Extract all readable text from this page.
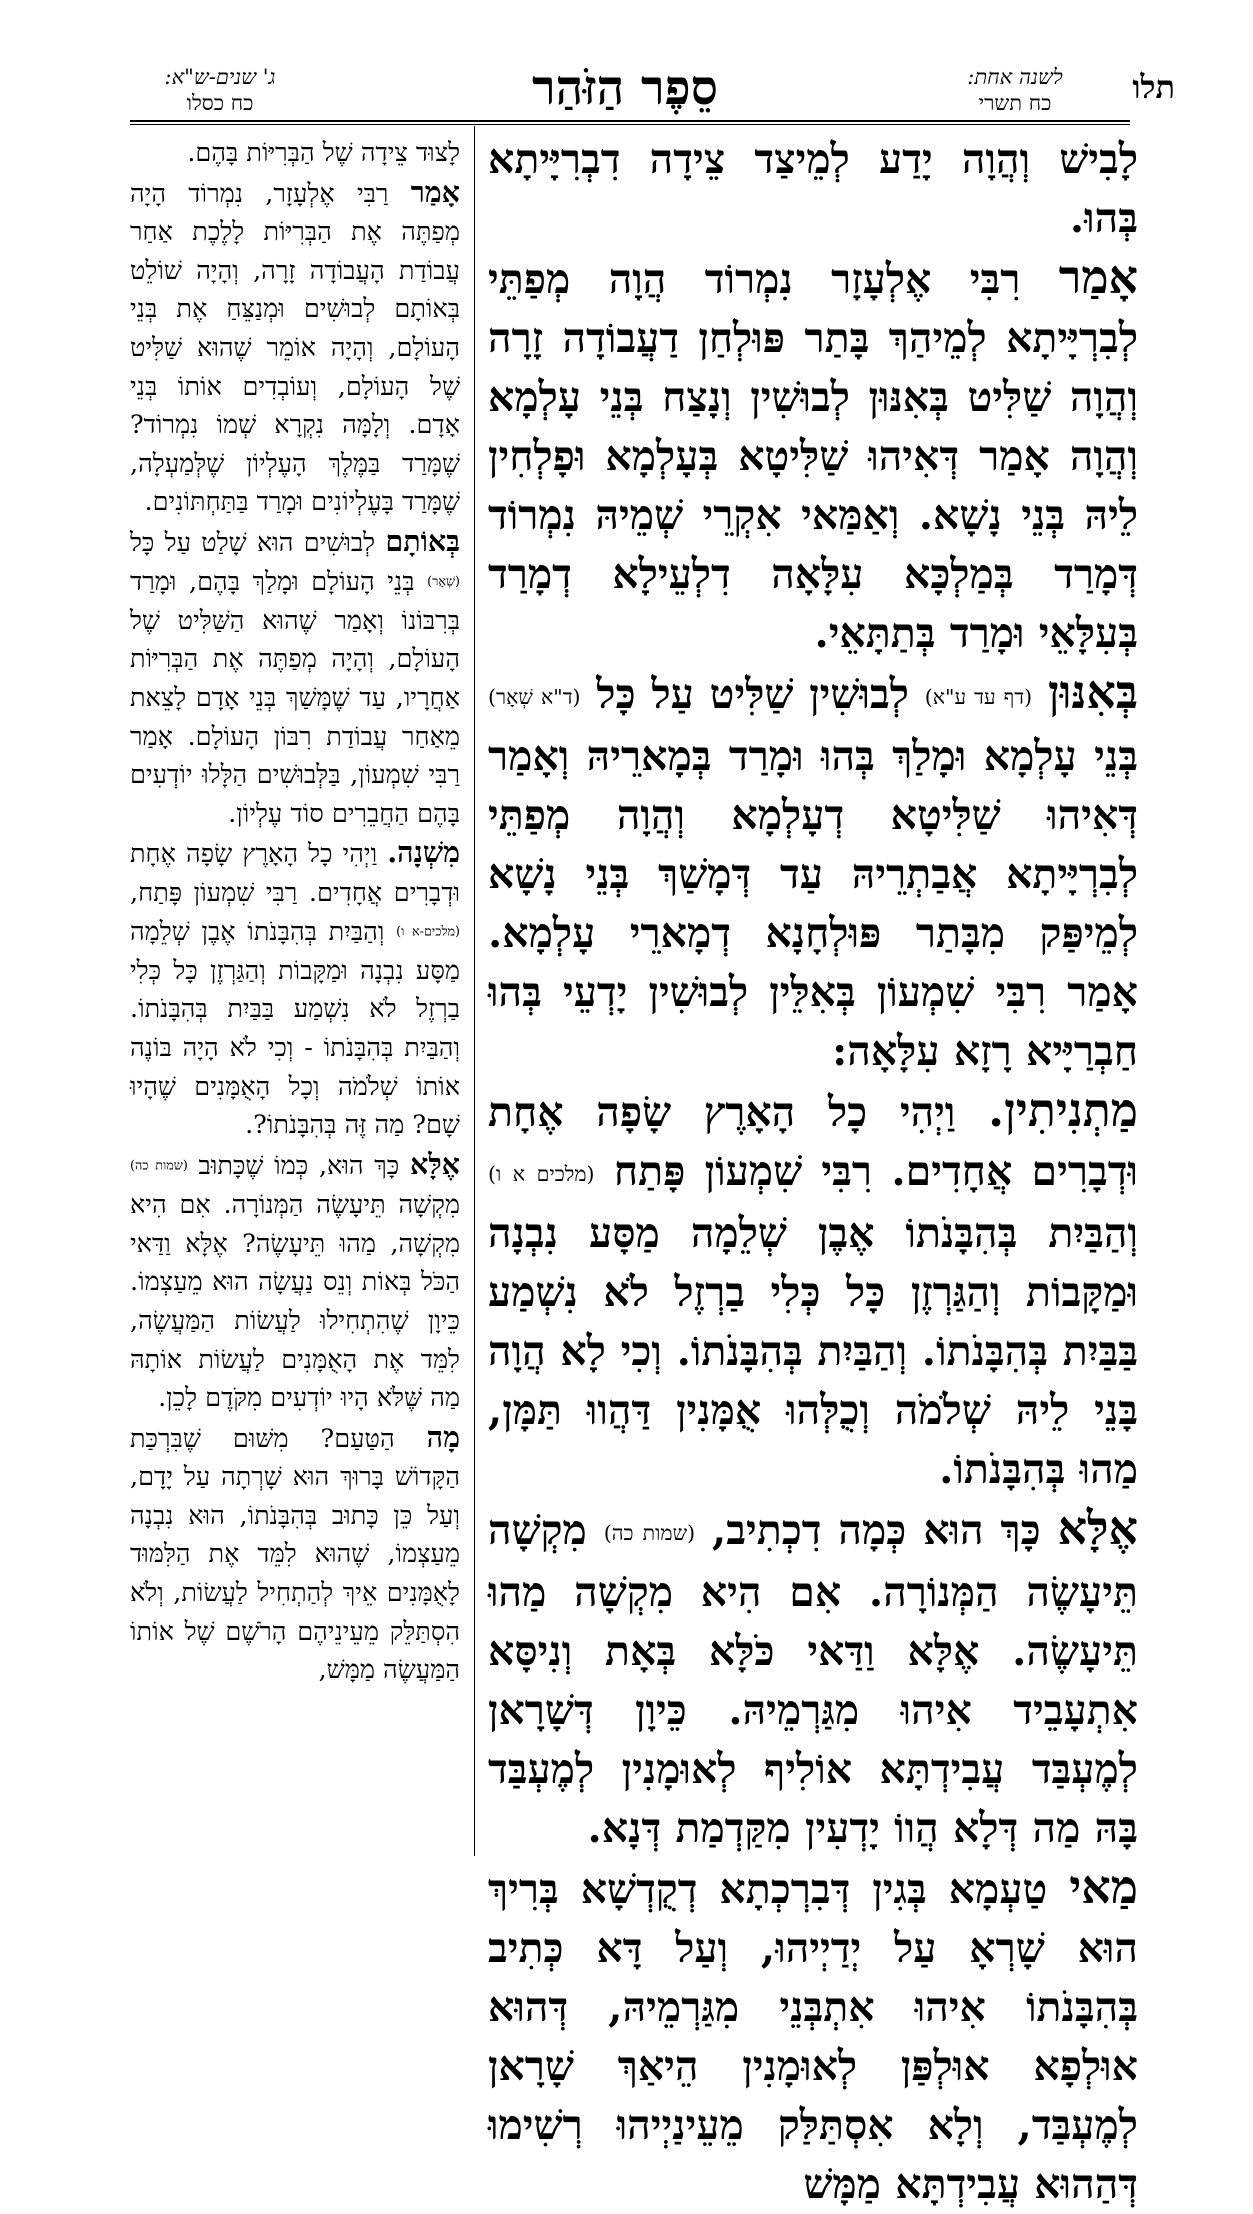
תלו
לשנה אחת:
כח תשרי
סֵפֶר הַזֹּהַר
ג' שנים-ש"א:
כח כסלו

לָבִישׁ וְהֲוָה יָדַע לְמֵיצַד צֵידָה דִבְרִיָּיתָא בְּהוּ.

אָמַר רִבִּי אֶלְעָזָר נִמְרוֹד הֲוָה מְפַתֵּי לְבִרְיָּיתָא לְמֵיהַךְ בָּתַר פּוּלְחַן דַעֲבוֹדָה זָרָה וְהֲוָה שַׁלִּיט בְּאִנּוּן לְבוּשִׁין וְנָצַח בְּנֵי עָלְמָא וְהֲוָה אָמַר דְּאִיהוּ שַׁלִּיטָא בְּעָלְמָא וּפָלְחִין לֵיהּ בְּנֵי נָשָׁא. וְאַמַּאי אִקְרֵי שְׁמֵיהּ נִמְרוֹד דְּמָרַד בְּמַלְכָּא עִלָּאָה דִלְעֵילָא דְמָרַד בְּעִלָּאֵי וּמָרַד בְּתַתָּאֵי.

בְּאִנּוּן (דף עד ע"א) לְבוּשִׁין שַׁלִּיט עַל כָּל (ד"א שְׁאָר) בְּנֵי עָלְמָא וּמָלַךְ בְּהוּ וּמָרַד בְּמָארֵיהּ וְאָמַר דְּאִיהוּ שַׁלִּיטָא דְעָלְמָא וְהֲוָה מְפַתֵּי לְבִרְיָּיתָא אֲבַתְרֵיהּ עַד דְּמָשַׁךְ בְּנֵי נָשָׁא לְמֵיפַּק מִבָּתַר פּוּלְחָנָא דְמָארֵי עָלְמָא. אָמַר רִבִּי שִׁמְעוֹן בְּאִלֵּין לְבוּשִׁין יָדְעֵי בְּהוּ חַבְרַיָּיא רָזָא עִלָּאָה:

מַתְנִיתִין. וַיְהִי כָל הָאָרֶץ שָׂפָה אֶחָת וּדְבָרִים אֲחָדִים. רִבִּי שִׁמְעוֹן פָּתַח (מלכים א ו) וְהַבַּיִת בְּהִבָּנֹתוֹ אֶבֶן שְׁלֵמָה מַסָּע נִבְנָה וּמַקָּבוֹת וְהַגַּרְזֶן כָּל כְּלִי בַרְזֶל לֹא נִשְׁמַע בַּבַּיִת בְּהִבָּנֹתוֹ. וְהַבַּיִת בְּהִבָּנֹתוֹ. וְכִי לָא הֲוָה בָּנֵי לֵיהּ שְׁלֹמֹה וְכֻלְּהוּ אֻמָּנִין דַּהֲווּ תַּמָּן, מַהוּ בְּהִבָּנֹתוֹ.

אֶלָּא כָּךְ הוּא כְּמָה דִכְתִיב, (שמות כה) מִקְשָׁה תֵּיעָשֶׂה הַמְּנוֹרָה. אִם הִיא מִקְשָׁה מַהוּ תֵּיעָשֶׂה. אֶלָּא וַדַּאי כֹּלָּא בְּאָת וְנִיסָּא אִתְעָבֵיד אִיהוּ מִגַּרְמֵיהּ. כֵּיוָן דְּשָׁרָאן לְמֶעְבַּד עֲבִידְתָּא אוֹלִיף לְאוּמָנִין לְמֶעְבַּד בָּהּ מַה דְּלָא הֲווֹ יָדְעִין מִקַּדְמַת דְּנָא.

מַאי טַעְמָא בְּגִין דְּבִרְכְתָא דְקֻדְשָׁא בְּרִיךְ הוּא שָׁרְאָ עַל יְדַיְיהוּ, וְעַל דָּא כְּתִיב בְּהִבָּנֹתוֹ אִיהוּ אִתְבְּנֵי מִגַּרְמֵיהּ, דְּהוּא אוּלְפָא אוּלְפַּן לְאוּמָנִין הֵיאַךְ שָׁרָאן לְמֶעְבַּד, וְלָא אִסְתַּלַּק מֵעֵינַיְיהוּ רְשִׁימוּ דְּהַהוּא עֲבִידְתָּא מַמָּשׁ

לָצוּד צֵידָה שֶׁל הַבְּרִיּוֹת בָּהֶם.

אָמַר רַבִּי אֶלְעָזָר, נִמְרוֹד הָיָה מְפַתֶּה אֶת הַבְּרִיּוֹת לָלֶכֶת אַחַר עֲבוֹדַת הָעֲבוֹדָה זָרָה, וְהָיָה שׁוֹלֵט בְּאוֹתָם לְבוּשִׁים וּמְנַצֵּחַ אֶת בְּנֵי הָעוֹלָם, וְהָיָה אוֹמֵר שֶׁהוּא שַׁלִּיט שֶׁל הָעוֹלָם, וְעוֹבְדִים אוֹתוֹ בְּנֵי אָדָם. וְלָמָּה נִקְרָא שְׁמוֹ נִמְרוֹד? שֶׁמָּרַד בַּמֶּלֶךְ הָעֶלְיוֹן שֶׁלְּמַעְלָה, שֶׁמָּרַד בָּעֶלְיוֹנִים וּמָרַד בַּתַּחְתּוֹנִים.

בְּאוֹתָם לְבוּשִׁים הוּא שָׁלַט עַל כָּל (שְׁאָר) בְּנֵי הָעוֹלָם וּמָלַךְ בָּהֶם, וּמָרַד בְּרִבּוֹנוֹ וְאָמַר שֶׁהוּא הַשַּׁלִּיט שֶׁל הָעוֹלָם, וְהָיָה מְפַתֶּה אֶת הַבְּרִיּוֹת אַחֲרָיו, עַד שֶׁמָּשַׁךְ בְּנֵי אָדָם לָצֵאת מֵאַחַר עֲבוֹדַת רִבּוֹן הָעוֹלָם. אָמַר רַבִּי שִׁמְעוֹן, בַּלְּבוּשִׁים הַלָּלוּ יוֹדְעִים בָּהֶם הַחֲבֵרִים סוֹד עֶלְיוֹן.

מִשְׁנָה. וַיְהִי כָל הָאָרֶץ שָׂפָה אֶחָת וּדְבָרִים אֲחָדִים. רַבִּי שִׁמְעוֹן פָּתַח, (מלכים-א ו) וְהַבַּיִת בְּהִבָּנֹתוֹ אֶבֶן שְׁלֵמָה מַסָּע נִבְנָה וּמַקָּבוֹת וְהַגַּרְזֶן כָּל כְּלִי בַרְזֶל לֹא נִשְׁמַע בַּבַּיִת בְּהִבָּנֹתוֹ. וְהַבַּיִת בְּהִבָּנֹתוֹ - וְכִי לֹא הָיָה בּוֹנֶה אוֹתוֹ שְׁלֹמֹה וְכָל הָאֻמָּנִים שֶׁהָיוּ שָׁם? מַה זֶּה בְּהִבָּנֹתוֹ?.

אֶלָּא כָּךְ הוּא, כְּמוֹ שֶׁכָּתוּב (שמות כה) מִקְשָׁה תֵּיעָשֶׂה הַמְּנוֹרָה. אִם הִיא מִקְשָׁה, מַהוּ תֵּיעָשֶׂה? אֶלָּא וַדַּאי הַכֹּל בְּאוֹת וְנֵס נַעֲשָׂה הוּא מֵעַצְמוֹ. כֵּיוָן שֶׁהִתְחִילוּ לַעֲשׂוֹת הַמַּעֲשֶׂה, לִמֵּד אֶת הָאֻמָּנִים לַעֲשׂוֹת אוֹתָהּ מַה שֶּׁלֹּא הָיוּ יוֹדְעִים מִקֹּדֶם לָכֵן.

מָה הַטַּעַם? מִשּׁוּם שֶׁבִּרְכַּת הַקָּדוֹשׁ בָּרוּךְ הוּא שָׁרְתָה עַל יָדָם, וְעַל כֵּן כָּתוּב בְּהִבָּנֹתוֹ, הוּא נִבְנָה מֵעַצְמוֹ, שֶׁהוּא לִמֵּד אֶת הַלִּמּוּד לָאֻמָּנִים אֵיךְ לְהַתְחִיל לַעֲשׂוֹת, וְלֹא הִסְתַּלֵּק מֵעֵינֵיהֶם הָרֹשֶׁם שֶׁל אוֹתוֹ הַמַּעֲשֶׂה מַמָּשׁ,
